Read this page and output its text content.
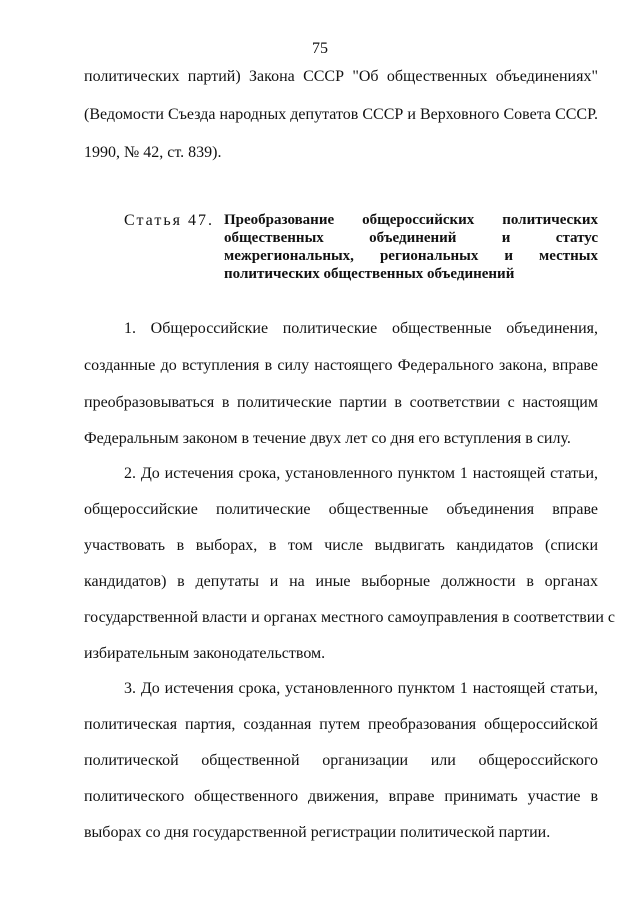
75
политических партий) Закона СССР "Об общественных объединениях"
(Ведомости Съезда народных депутатов СССР и Верховного Совета СССР.
1990, № 42, ст. 839).
Статья 47. Преобразование общероссийских политических
общественных объединений и статус
межрегиональных, региональных и местных
политических общественных объединений
1. Общероссийские политические общественные объединения,
созданные до вступления в силу настоящего Федерального закона, вправе
преобразовываться в политические партии в соответствии с настоящим
Федеральным законом в течение двух лет со дня его вступления в силу.
2. До истечения срока, установленного пунктом 1 настоящей статьи,
общероссийские политические общественные объединения вправе
участвовать в выборах, в том числе выдвигать кандидатов (списки
кандидатов) в депутаты и на иные выборные должности в органах
государственной власти и органах местного самоуправления в соответствии с
избирательным законодательством.
3. До истечения срока, установленного пунктом 1 настоящей статьи,
политическая партия, созданная путем преобразования общероссийской
политической общественной организации или общероссийского
политического общественного движения, вправе принимать участие в
выборах со дня государственной регистрации политической партии.
